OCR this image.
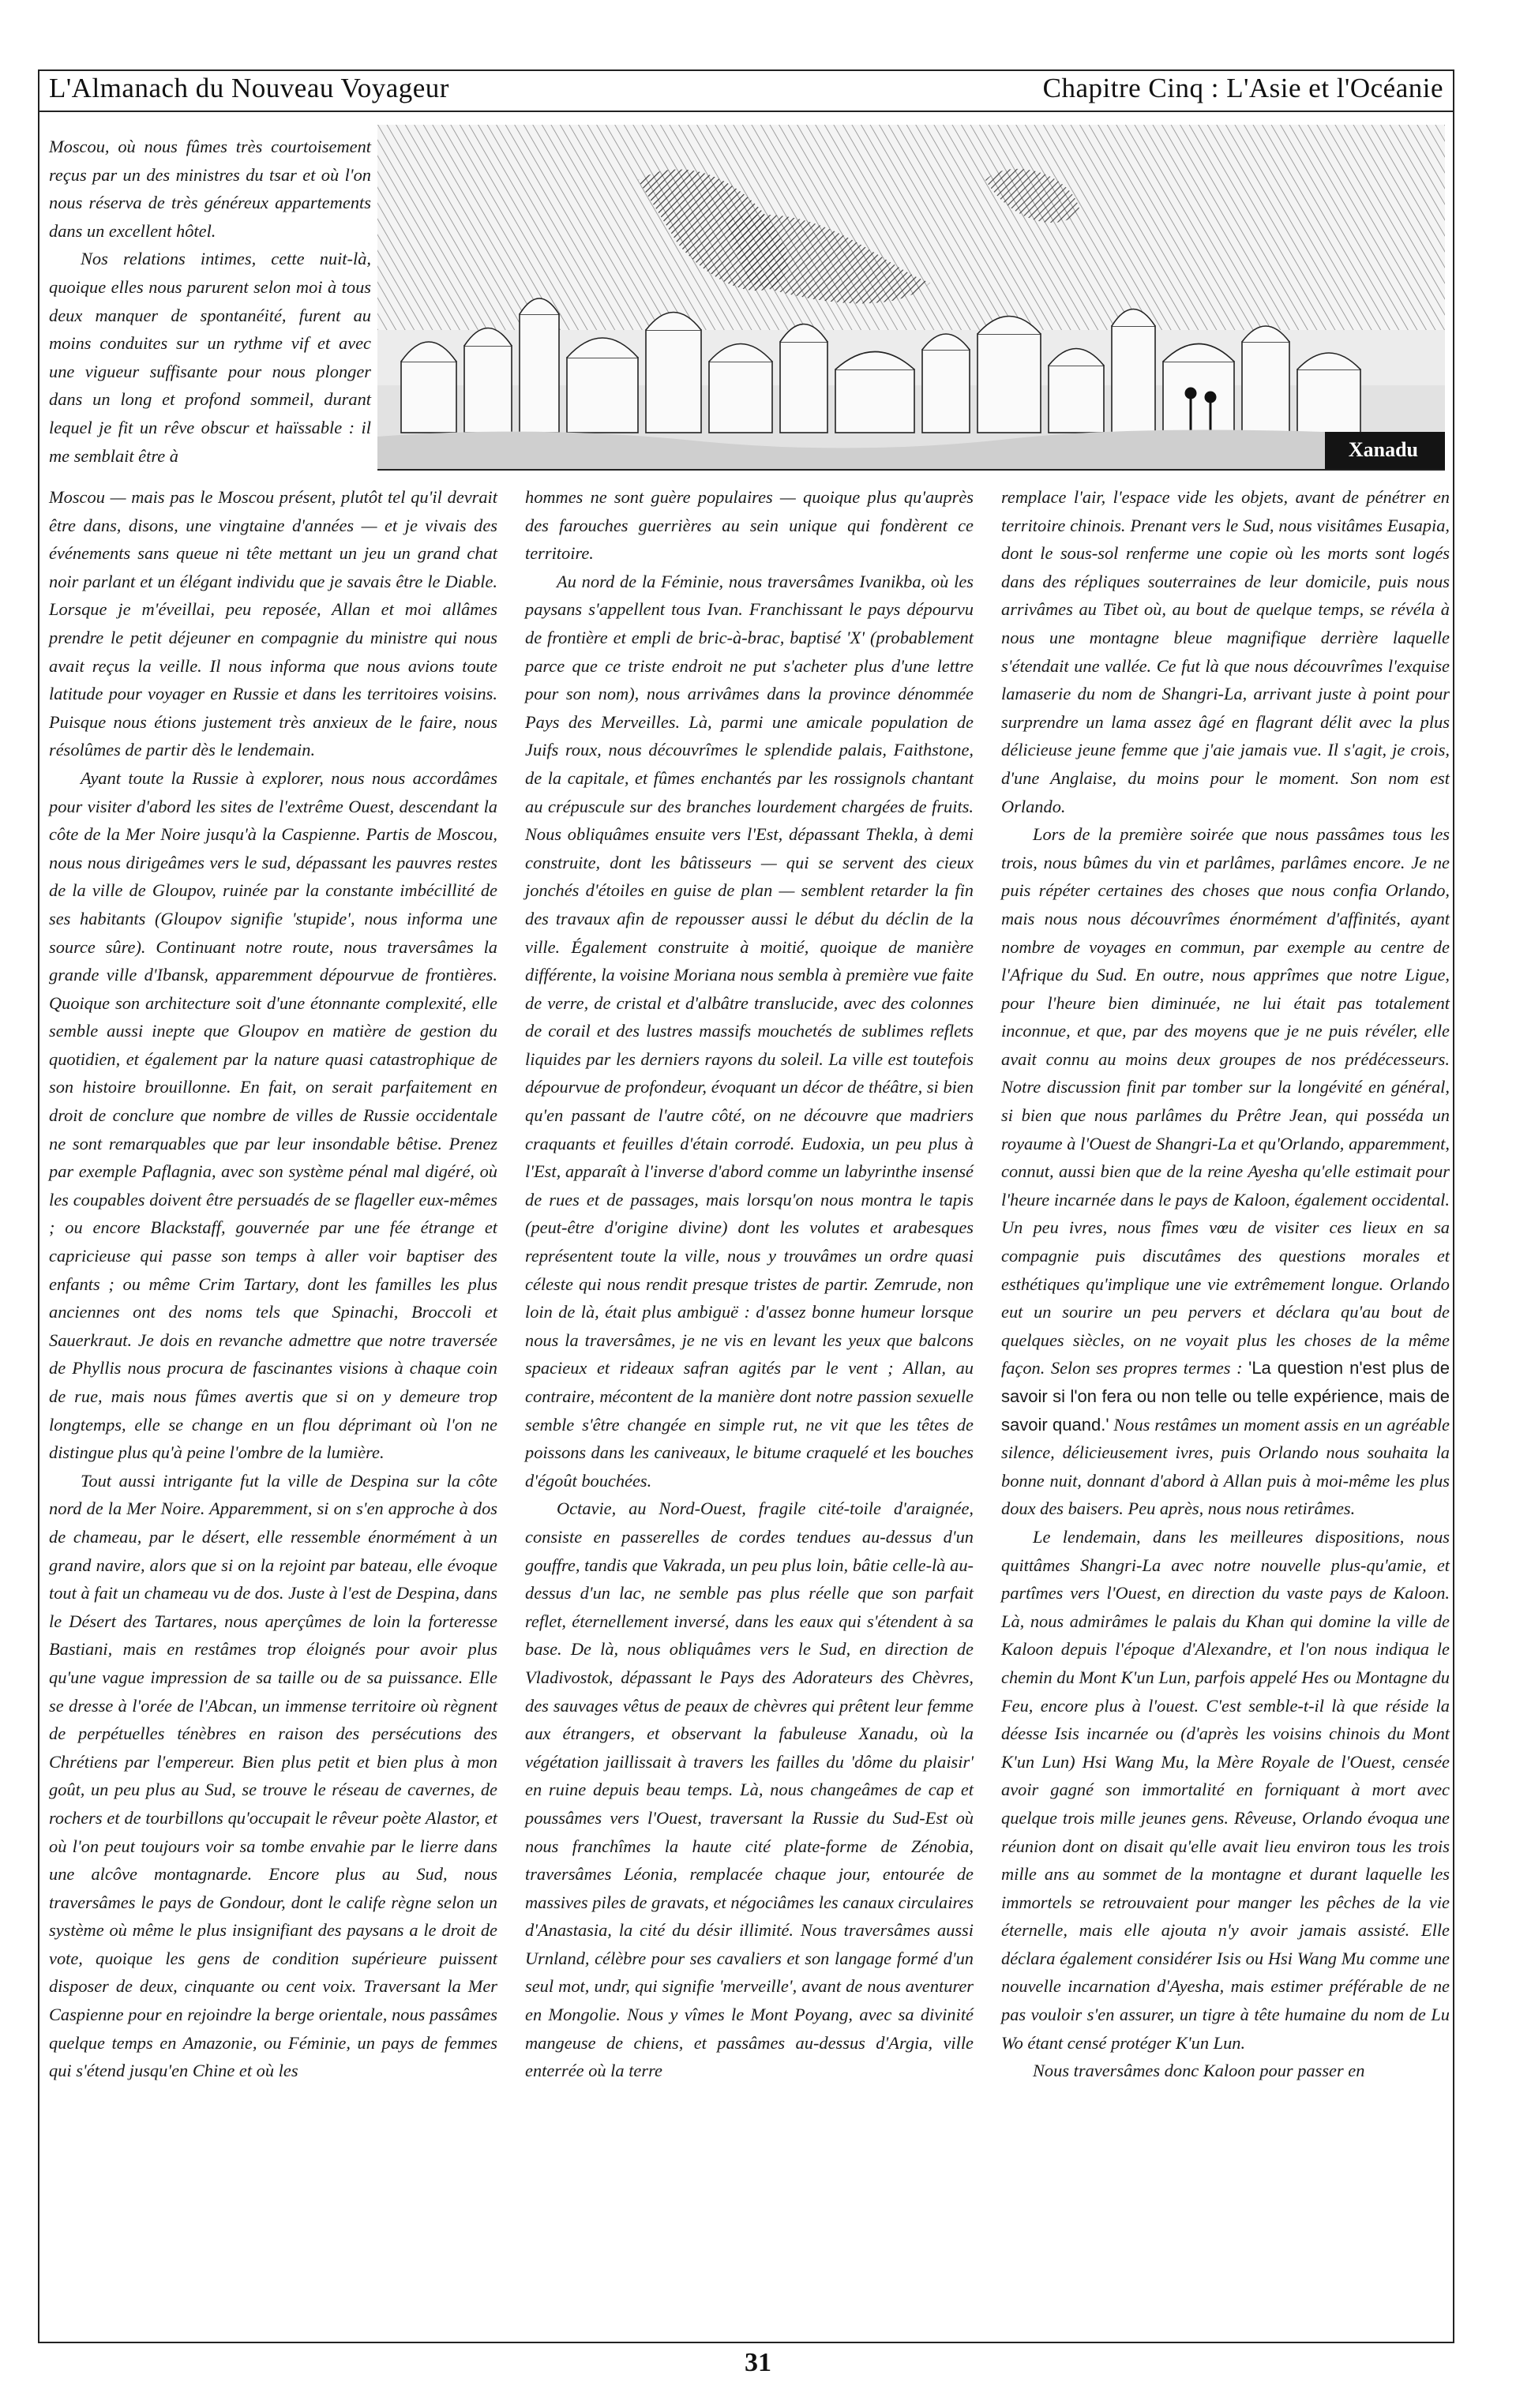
L'Almanach du Nouveau Voyageur	Chapitre Cinq : L'Asie et l'Océanie

Moscou, où nous fûmes très courtoisement reçus par un des ministres du tsar et où l'on nous réserva de très généreux appartements dans un excellent hôtel.

Nos relations intimes, cette nuit-là, quoique elles nous parurent selon moi à tous deux manquer de spontanéité, furent au moins conduites sur un rythme vif et avec une vigueur suffisante pour nous plonger dans un long et profond sommeil, durant lequel je fit un rêve obscur et haïssable : il me semblait être à	Xanadu

Moscou — mais pas le Moscou présent, plutôt tel qu'il devrait être dans, disons, une vingtaine d'années — et je vivais des événements sans queue ni tête mettant un jeu un grand chat noir parlant et un élégant individu que je savais être le Diable. Lorsque je m'éveillai, peu reposée, Allan et moi allâmes prendre le petit déjeuner en compagnie du ministre qui nous avait reçus la veille. Il nous informa que nous avions toute latitude pour voyager en Russie et dans les territoires voisins. Puisque nous étions justement très anxieux de le faire, nous résolûmes de partir dès le lendemain.

Ayant toute la Russie à explorer, nous nous accordâmes pour visiter d'abord les sites de l'extrême Ouest, descendant la côte de la Mer Noire jusqu'à la Caspienne. Partis de Moscou, nous nous dirigeâmes vers le sud, dépassant les pauvres restes de la ville de Gloupov, ruinée par la constante imbécillité de ses habitants (Gloupov signifie 'stupide', nous informa une source sûre). Continuant notre route, nous traversâmes la grande ville d'Ibansk, apparemment dépourvue de frontières. Quoique son architecture soit d'une étonnante complexité, elle semble aussi inepte que Gloupov en matière de gestion du quotidien, et également par la nature quasi catastrophique de son histoire brouillonne. En fait, on serait parfaitement en droit de conclure que nombre de villes de Russie occidentale ne sont remarquables que par leur insondable bêtise. Prenez par exemple Paflagnia, avec son système pénal mal digéré, où les coupables doivent être persuadés de se flageller eux-mêmes ; ou encore Blackstaff, gouvernée par une fée étrange et capricieuse qui passe son temps à aller voir baptiser des enfants ; ou même Crim Tartary, dont les familles les plus anciennes ont des noms tels que Spinachi, Broccoli et Sauerkraut. Je dois en revanche admettre que notre traversée de Phyllis nous procura de fascinantes visions à chaque coin de rue, mais nous fûmes avertis que si on y demeure trop longtemps, elle se change en un flou déprimant où l'on ne distingue plus qu'à peine l'ombre de la lumière.

Tout aussi intrigante fut la ville de Despina sur la côte nord de la Mer Noire. Apparemment, si on s'en approche à dos de chameau, par le désert, elle ressemble énormément à un grand navire, alors que si on la rejoint par bateau, elle évoque tout à fait un chameau vu de dos. Juste à l'est de Despina, dans le Désert des Tartares, nous aperçûmes de loin la forteresse Bastiani, mais en restâmes trop éloignés pour avoir plus qu'une vague impression de sa taille ou de sa puissance. Elle se dresse à l'orée de l'Abcan, un immense territoire où règnent de perpétuelles ténèbres en raison des persécutions des Chrétiens par l'empereur. Bien plus petit et bien plus à mon goût, un peu plus au Sud, se trouve le réseau de cavernes, de rochers et de tourbillons qu'occupait le rêveur poète Alastor, et où l'on peut toujours voir sa tombe envahie par le lierre dans une alcôve montagnarde. Encore plus au Sud, nous traversâmes le pays de Gondour, dont le calife règne selon un système où même le plus insignifiant des paysans a le droit de vote, quoique les gens de condition supérieure puissent disposer de deux, cinquante ou cent voix. Traversant la Mer Caspienne pour en rejoindre la berge orientale, nous passâmes quelque temps en Amazonie, ou Féminie, un pays de femmes qui s'étend jusqu'en Chine et où les

hommes ne sont guère populaires — quoique plus qu'auprès des farouches guerrières au sein unique qui fondèrent ce territoire.

Au nord de la Féminie, nous traversâmes Ivanikba, où les paysans s'appellent tous Ivan. Franchissant le pays dépourvu de frontière et empli de bric-à-brac, baptisé 'X' (probablement parce que ce triste endroit ne put s'acheter plus d'une lettre pour son nom), nous arrivâmes dans la province dénommée Pays des Merveilles. Là, parmi une amicale population de Juifs roux, nous découvrîmes le splendide palais, Faithstone, de la capitale, et fûmes enchantés par les rossignols chantant au crépuscule sur des branches lourdement chargées de fruits. Nous obliquâmes ensuite vers l'Est, dépassant Thekla, à demi construite, dont les bâtisseurs — qui se servent des cieux jonchés d'étoiles en guise de plan — semblent retarder la fin des travaux afin de repousser aussi le début du déclin de la ville. Également construite à moitié, quoique de manière différente, la voisine Moriana nous sembla à première vue faite de verre, de cristal et d'albâtre translucide, avec des colonnes de corail et des lustres massifs mouchetés de sublimes reflets liquides par les derniers rayons du soleil. La ville est toutefois dépourvue de profondeur, évoquant un décor de théâtre, si bien qu'en passant de l'autre côté, on ne découvre que madriers craquants et feuilles d'étain corrodé. Eudoxia, un peu plus à l'Est, apparaît à l'inverse d'abord comme un labyrinthe insensé de rues et de passages, mais lorsqu'on nous montra le tapis (peut-être d'origine divine) dont les volutes et arabesques représentent toute la ville, nous y trouvâmes un ordre quasi céleste qui nous rendit presque tristes de partir. Zemrude, non loin de là, était plus ambiguë : d'assez bonne humeur lorsque nous la traversâmes, je ne vis en levant les yeux que balcons spacieux et rideaux safran agités par le vent ; Allan, au contraire, mécontent de la manière dont notre passion sexuelle semble s'être changée en simple rut, ne vit que les têtes de poissons dans les caniveaux, le bitume craquelé et les bouches d'égoût bouchées.

Octavie, au Nord-Ouest, fragile cité-toile d'araignée, consiste en passerelles de cordes tendues au-dessus d'un gouffre, tandis que Vakrada, un peu plus loin, bâtie celle-là au-dessus d'un lac, ne semble pas plus réelle que son parfait reflet, éternellement inversé, dans les eaux qui s'étendent à sa base. De là, nous obliquâmes vers le Sud, en direction de Vladivostok, dépassant le Pays des Adorateurs des Chèvres, des sauvages vêtus de peaux de chèvres qui prêtent leur femme aux étrangers, et observant la fabuleuse Xanadu, où la végétation jaillissait à travers les failles du 'dôme du plaisir' en ruine depuis beau temps. Là, nous changeâmes de cap et poussâmes vers l'Ouest, traversant la Russie du Sud-Est où nous franchîmes la haute cité plate-forme de Zénobia, traversâmes Léonia, remplacée chaque jour, entourée de massives piles de gravats, et négociâmes les canaux circulaires d'Anastasia, la cité du désir illimité. Nous traversâmes aussi Urnland, célèbre pour ses cavaliers et son langage formé d'un seul mot, undr, qui signifie 'merveille', avant de nous aventurer en Mongolie. Nous y vîmes le Mont Poyang, avec sa divinité mangeuse de chiens, et passâmes au-dessus d'Argia, ville enterrée où la terre

remplace l'air, l'espace vide les objets, avant de pénétrer en territoire chinois. Prenant vers le Sud, nous visitâmes Eusapia, dont le sous-sol renferme une copie où les morts sont logés dans des répliques souterraines de leur domicile, puis nous arrivâmes au Tibet où, au bout de quelque temps, se révéla à nous une montagne bleue magnifique derrière laquelle s'étendait une vallée. Ce fut là que nous découvrîmes l'exquise lamaserie du nom de Shangri-La, arrivant juste à point pour surprendre un lama assez âgé en flagrant délit avec la plus délicieuse jeune femme que j'aie jamais vue. Il s'agit, je crois, d'une Anglaise, du moins pour le moment. Son nom est Orlando.

Lors de la première soirée que nous passâmes tous les trois, nous bûmes du vin et parlâmes, parlâmes encore. Je ne puis répéter certaines des choses que nous confia Orlando, mais nous nous découvrîmes énormément d'affinités, ayant nombre de voyages en commun, par exemple au centre de l'Afrique du Sud. En outre, nous apprîmes que notre Ligue, pour l'heure bien diminuée, ne lui était pas totalement inconnue, et que, par des moyens que je ne puis révéler, elle avait connu au moins deux groupes de nos prédécesseurs. Notre discussion finit par tomber sur la longévité en général, si bien que nous parlâmes du Prêtre Jean, qui posséda un royaume à l'Ouest de Shangri-La et qu'Orlando, apparemment, connut, aussi bien que de la reine Ayesha qu'elle estimait pour l'heure incarnée dans le pays de Kaloon, également occidental. Un peu ivres, nous fîmes vœu de visiter ces lieux en sa compagnie puis discutâmes des questions morales et esthétiques qu'implique une vie extrêmement longue. Orlando eut un sourire un peu pervers et déclara qu'au bout de quelques siècles, on ne voyait plus les choses de la même façon. Selon ses propres termes : 'La question n'est plus de savoir si l'on fera ou non telle ou telle expérience, mais de savoir quand.' Nous restâmes un moment assis en un agréable silence, délicieusement ivres, puis Orlando nous souhaita la bonne nuit, donnant d'abord à Allan puis à moi-même les plus doux des baisers. Peu après, nous nous retirâmes.

Le lendemain, dans les meilleures dispositions, nous quittâmes Shangri-La avec notre nouvelle plus-qu'amie, et partîmes vers l'Ouest, en direction du vaste pays de Kaloon. Là, nous admirâmes le palais du Khan qui domine la ville de Kaloon depuis l'époque d'Alexandre, et l'on nous indiqua le chemin du Mont K'un Lun, parfois appelé Hes ou Montagne du Feu, encore plus à l'ouest. C'est semble-t-il là que réside la déesse Isis incarnée ou (d'après les voisins chinois du Mont K'un Lun) Hsi Wang Mu, la Mère Royale de l'Ouest, censée avoir gagné son immortalité en forniquant à mort avec quelque trois mille jeunes gens. Rêveuse, Orlando évoqua une réunion dont on disait qu'elle avait lieu environ tous les trois mille ans au sommet de la montagne et durant laquelle les immortels se retrouvaient pour manger les pêches de la vie éternelle, mais elle ajouta n'y avoir jamais assisté. Elle déclara également considérer Isis ou Hsi Wang Mu comme une nouvelle incarnation d'Ayesha, mais estimer préférable de ne pas vouloir s'en assurer, un tigre à tête humaine du nom de Lu Wo étant censé protéger K'un Lun.

Nous traversâmes donc Kaloon pour passer en

31
